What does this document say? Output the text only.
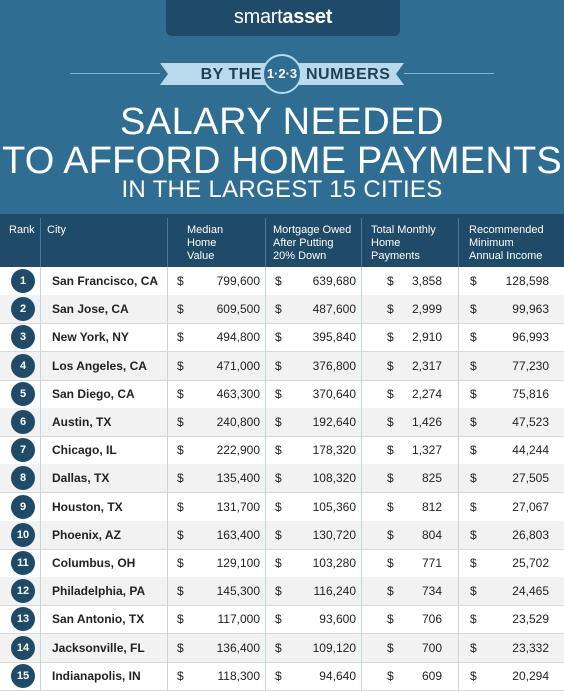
smartasset
BY THE 1·2·3 NUMBERS
SALARY NEEDED
TO AFFORD HOME PAYMENTS
IN THE LARGEST 15 CITIES
Rank City	Median
Home
Value
Mortgage Owed
After Putting
20% Down
Total Monthly
Home
Payments
Recommended
Minimum
Annual Income
1	San Francisco, CA $	799,600 $	639,680	$ 3,858 $ 128,598
2	San Jose, CA	$	609,500 $	487,600	$ 2,999 $	99,963
3	New York, NY	$	494,800 $	395,840	$ 2,910 $	96,993
4	Los Angeles, CA	$	471,000 $	376,800	$ 2,317 $	77,230
5	San Diego, CA	$	463,300 $	370,640	$ 2,274 $	75,816
6	Austin, TX	$	240,800 $	192,640	$ 1,426 $	47,523
7	Chicago, IL	$	222,900 $	178,320	$ 1,327 $	44,244
8	Dallas, TX	$	135,400 $	108,320	$ 825 $	27,505
9	Houston, TX	$	131,700 $	105,360	$ 812 $	27,067
10	Phoenix, AZ	$	163,400 $	130,720	$ 804 $	26,803
11	Columbus, OH	$	129,100 $	103,280	$ 771 $	25,702
12	Philadelphia, PA	$	145,300 $	116,240	$ 734 $	24,465
13	San Antonio, TX	$	117,000 $	93,600	$ 706 $	23,529
14	Jacksonville, FL	$	136,400 $	109,120	$ 700 $	23,332
15	Indianapolis, IN	$	118,300 $	94,640	$ 609 $	20,294
